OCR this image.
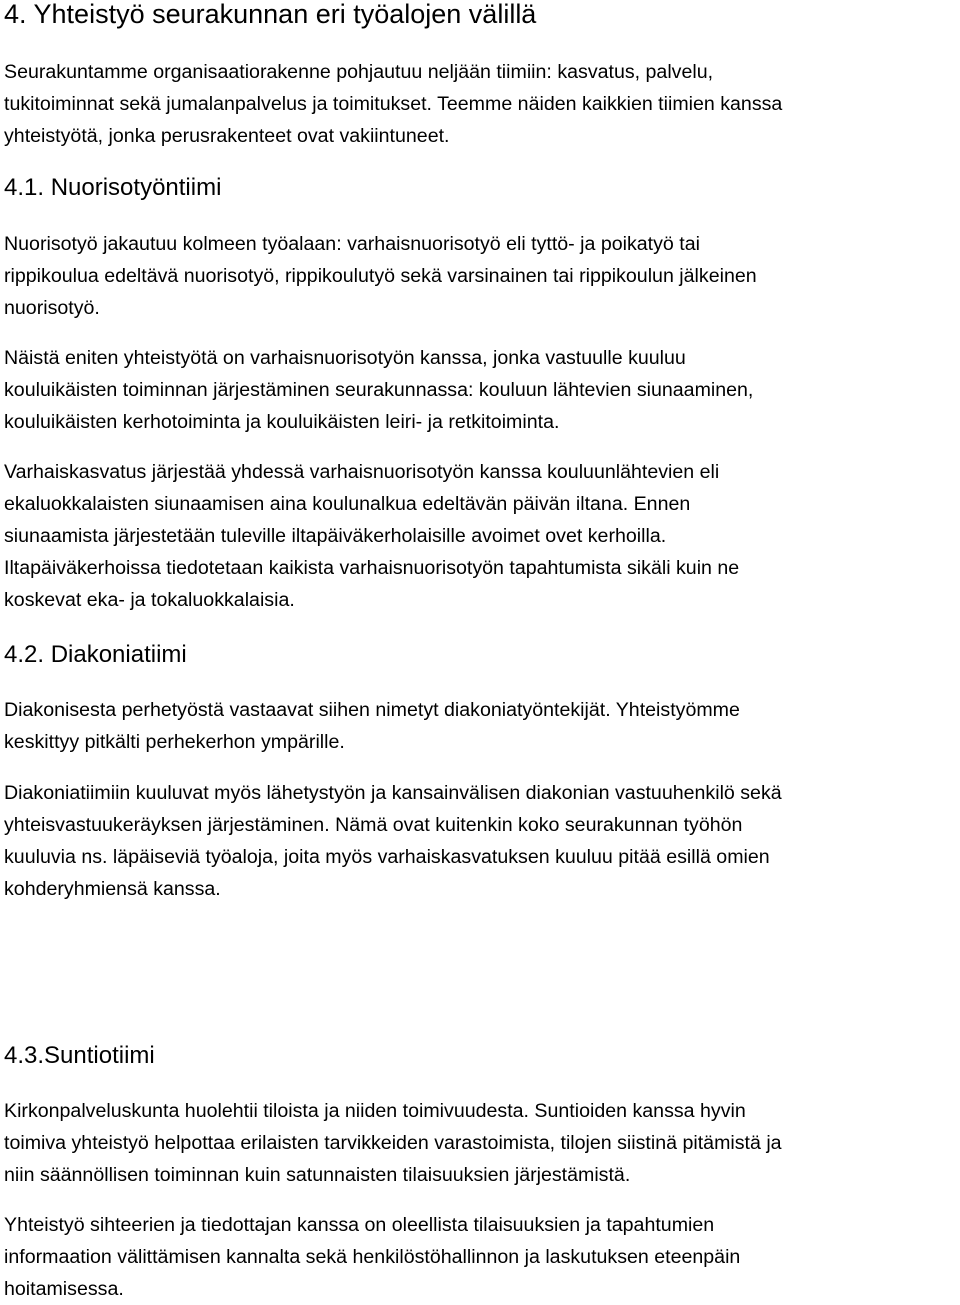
4. Yhteistyö seurakunnan eri työalojen välillä

Seurakuntamme organisaatiorakenne pohjautuu neljään tiimiin: kasvatus, palvelu,
tukitoiminnat sekä jumalanpalvelus ja toimitukset. Teemme näiden kaikkien tiimien kanssa
yhteistyötä, jonka perusrakenteet ovat vakiintuneet.

4.1. Nuorisotyöntiimi

Nuorisotyö jakautuu kolmeen työalaan: varhaisnuorisotyö eli tyttö- ja poikatyö tai
rippikoulua edeltävä nuorisotyö, rippikoulutyö sekä varsinainen tai rippikoulun jälkeinen
nuorisotyö.

Näistä eniten yhteistyötä on varhaisnuorisotyön kanssa, jonka vastuulle kuuluu
kouluikäisten toiminnan järjestäminen seurakunnassa: kouluun lähtevien siunaaminen,
kouluikäisten kerhotoiminta ja kouluikäisten leiri- ja retkitoiminta.

Varhaiskasvatus järjestää yhdessä varhaisnuorisotyön kanssa kouluunlähtevien eli
ekaluokkalaisten siunaamisen aina koulunalkua edeltävän päivän iltana. Ennen
siunaamista järjestetään tuleville iltapäiväkerholaisille avoimet ovet kerhoilla.
Iltapäiväkerhoissa tiedotetaan kaikista varhaisnuorisotyön tapahtumista sikäli kuin ne
koskevat eka- ja tokaluokkalaisia.

4.2. Diakoniatiimi

Diakonisesta perhetyöstä vastaavat siihen nimetyt diakoniatyöntekijät. Yhteistyömme
keskittyy pitkälti perhekerhon ympärille.

Diakoniatiimiin kuuluvat myös lähetystyön ja kansainvälisen diakonian vastuuhenkilö sekä
yhteisvastuukeräyksen järjestäminen. Nämä ovat kuitenkin koko seurakunnan työhön
kuuluvia ns. läpäiseviä työaloja, joita myös varhaiskasvatuksen kuuluu pitää esillä omien
kohderyhmiensä kanssa.

4.3.Suntiotiimi

Kirkonpalveluskunta huolehtii tiloista ja niiden toimivuudesta. Suntioiden kanssa hyvin
toimiva yhteistyö helpottaa erilaisten tarvikkeiden varastoimista, tilojen siistinä pitämistä ja
niin säännöllisen toiminnan kuin satunnaisten tilaisuuksien järjestämistä.

Yhteistyö sihteerien ja tiedottajan kanssa on oleellista tilaisuuksien ja tapahtumien
informaation välittämisen kannalta sekä henkilöstöhallinnon ja laskutuksen eteenpäin
hoitamisessa.
